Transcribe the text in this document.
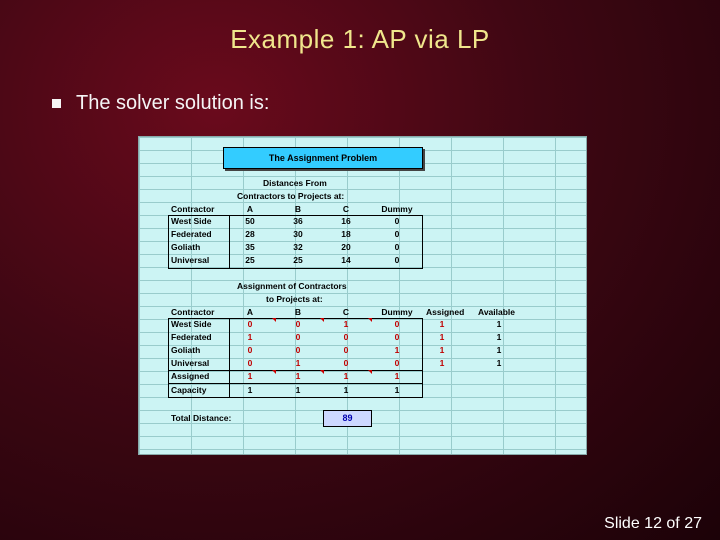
Example 1: AP via LP
The solver solution is:
The Assignment Problem
Distances From
Contractors to Projects at:
Contractor	A	B	C	Dummy
West Side	50	36	16	0
Federated	28	30	18	0
Goliath	35	32	20	0
Universal	25	25	14	0
Assignment of Contractors
to Projects at:
Contractor	A	B	C	Dummy	Assigned Available
West Side	0	0	1	0	1	1
Federated	1	0	0	0	1	1
Goliath	0	0	0	1	1	1
Universal	0	1	0	0	1	1
Assigned	1	1	1	1
Capacity	1	1	1	1
Total Distance:	89
Slide 12 of 27
